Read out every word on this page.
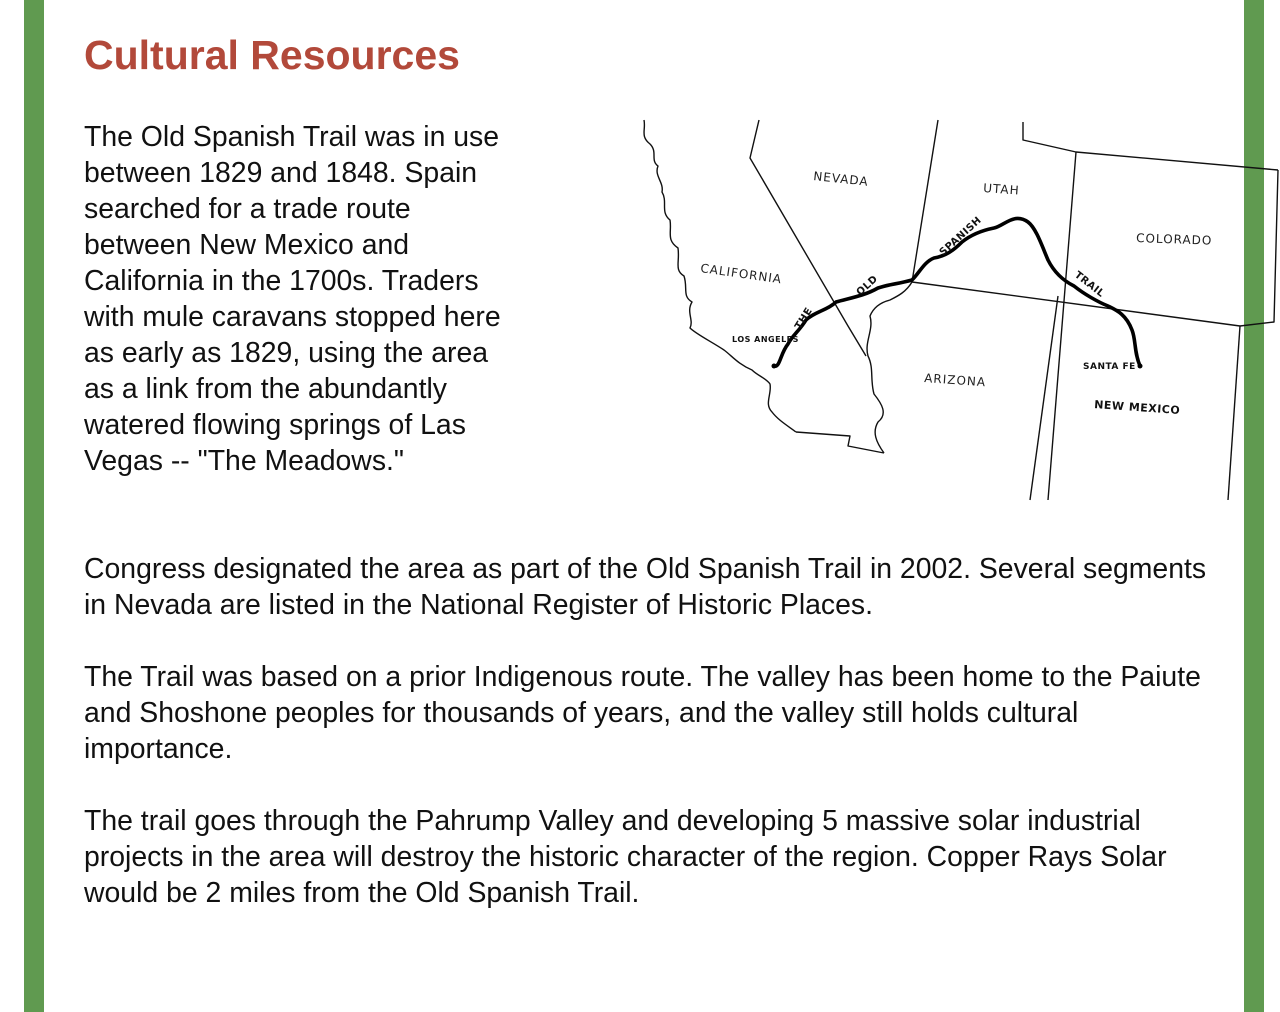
Cultural Resources

The Old Spanish Trail was in use between 1829 and 1848. Spain searched for a trade route between New Mexico and California in the 1700s. Traders with mule caravans stopped here as early as 1829, using the area as a link from the abundantly watered flowing springs of Las Vegas -- "The Meadows."

NEVADA
UTAH
COLORADO
CALIFORNIA
ARIZONA
NEW MEXICO
LOS ANGELES
SANTA FE
THE
OLD
SPANISH
TRAIL

Congress designated the area as part of the Old Spanish Trail in 2002. Several segments in Nevada are listed in the National Register of Historic Places.

The Trail was based on a prior Indigenous route. The valley has been home to the Paiute and Shoshone peoples for thousands of years, and the valley still holds cultural importance.

The trail goes through the Pahrump Valley and developing 5 massive solar industrial projects in the area will destroy the historic character of the region. Copper Rays Solar would be 2 miles from the Old Spanish Trail.
